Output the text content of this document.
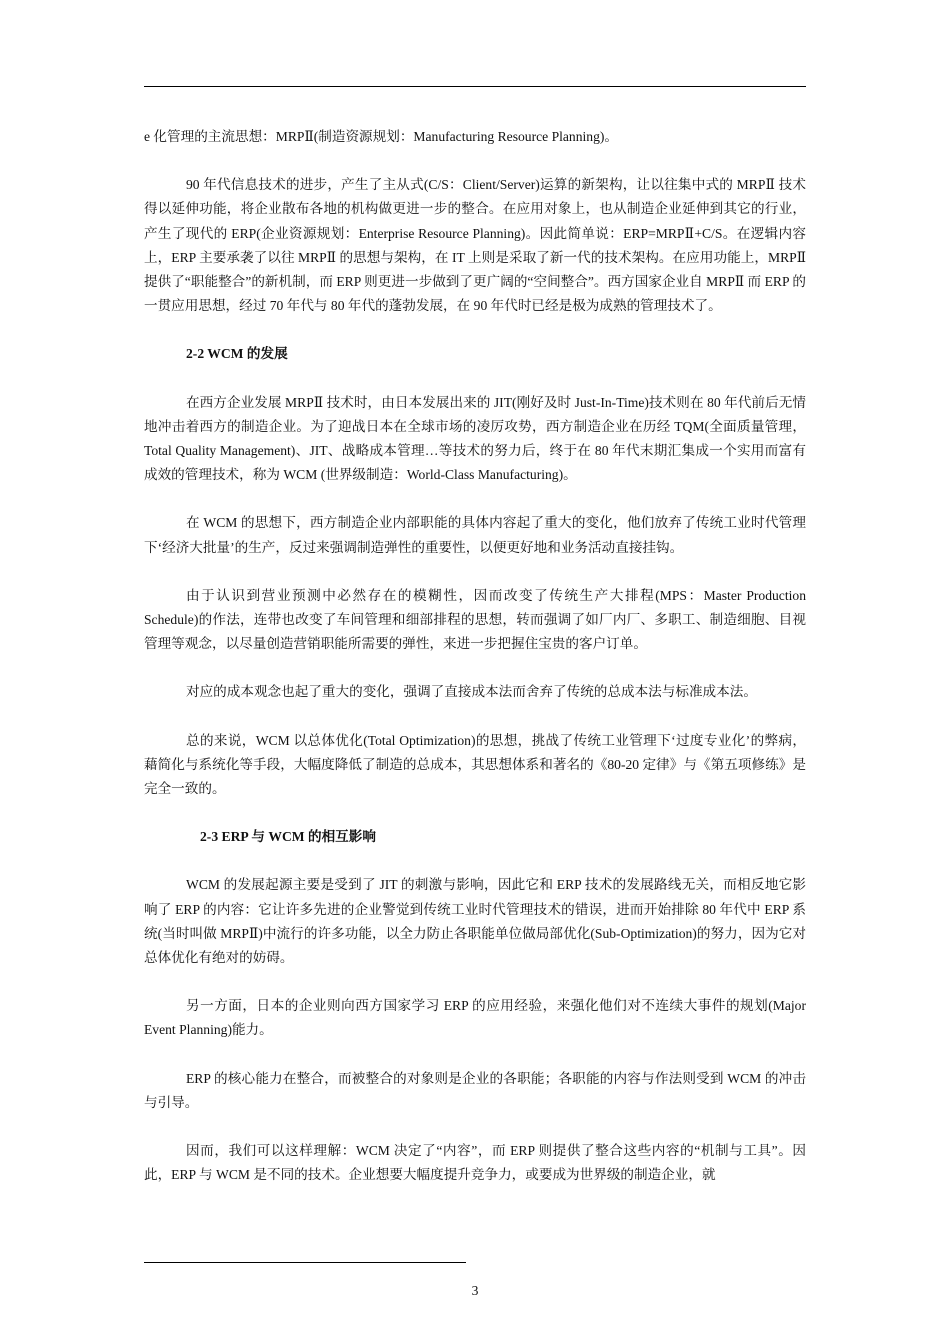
e 化管理的主流思想：MRPⅡ(制造资源规划：Manufacturing Resource Planning)。

90 年代信息技术的进步，产生了主从式(C/S：Client/Server)运算的新架构，让以往集中式的 MRPⅡ 技术得以延伸功能，将企业散布各地的机构做更进一步的整合。在应用对象上，也从制造企业延伸到其它的行业，产生了现代的 ERP(企业资源规划：Enterprise Resource Planning)。因此简单说：ERP=MRPⅡ+C/S。在逻辑内容上，ERP 主要承袭了以往 MRPⅡ 的思想与架构，在 IT 上则是采取了新一代的技术架构。在应用功能上，MRPⅡ 提供了“职能整合”的新机制，而 ERP 则更进一步做到了更广阔的“空间整合”。西方国家企业自 MRPⅡ 而 ERP 的一贯应用思想，经过 70 年代与 80 年代的蓬勃发展，在 90 年代时已经是极为成熟的管理技术了。

2-2 WCM 的发展

在西方企业发展 MRPⅡ 技术时，由日本发展出来的 JIT(刚好及时 Just-In-Time)技术则在 80 年代前后无情地冲击着西方的制造企业。为了迎战日本在全球市场的凌厉攻势，西方制造企业在历经 TQM(全面质量管理，Total Quality Management)、JIT、战略成本管理…等技术的努力后，终于在 80 年代末期汇集成一个实用而富有成效的管理技术，称为 WCM (世界级制造：World-Class Manufacturing)。

在 WCM 的思想下，西方制造企业内部职能的具体内容起了重大的变化，他们放弃了传统工业时代管理下‘经济大批量’的生产，反过来强调制造弹性的重要性，以便更好地和业务活动直接挂钩。

由于认识到营业预测中必然存在的模糊性，因而改变了传统生产大排程(MPS：Master Production Schedule)的作法，连带也改变了车间管理和细部排程的思想，转而强调了如厂内厂、多职工、制造细胞、目视管理等观念，以尽量创造营销职能所需要的弹性，来进一步把握住宝贵的客户订单。

对应的成本观念也起了重大的变化，强调了直接成本法而舍弃了传统的总成本法与标准成本法。

总的来说，WCM 以总体优化(Total Optimization)的思想，挑战了传统工业管理下‘过度专业化’的弊病，藉简化与系统化等手段，大幅度降低了制造的总成本，其思想体系和著名的《80-20 定律》与《第五项修练》是完全一致的。

2-3 ERP 与 WCM 的相互影响

WCM 的发展起源主要是受到了 JIT 的刺激与影响，因此它和 ERP 技术的发展路线无关，而相反地它影响了 ERP 的内容：它让许多先进的企业警觉到传统工业时代管理技术的错误，进而开始排除 80 年代中 ERP 系统(当时叫做 MRPⅡ)中流行的许多功能，以全力防止各职能单位做局部优化(Sub-Optimization)的努力，因为它对总体优化有绝对的妨碍。

另一方面，日本的企业则向西方国家学习 ERP 的应用经验，来强化他们对不连续大事件的规划(Major Event Planning)能力。

ERP 的核心能力在整合，而被整合的对象则是企业的各职能；各职能的内容与作法则受到 WCM 的冲击与引导。

因而，我们可以这样理解：WCM 决定了“内容”，而 ERP 则提供了整合这些内容的“机制与工具”。因此，ERP 与 WCM 是不同的技术。企业想要大幅度提升竞争力，或要成为世界级的制造企业，就

3
